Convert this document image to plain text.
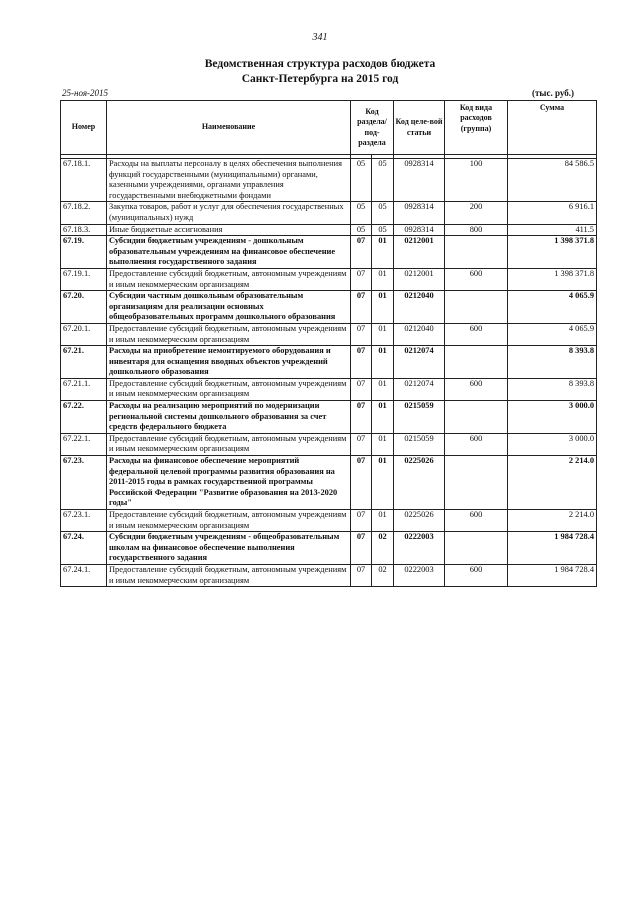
341
Ведомственная структура расходов бюджета
Санкт-Петербурга на 2015 год
25-ноя-2015	(тыс. руб.)
Номер	Наименование	Код раздела/ под-раздела		Код целе-вой статьи	Код вида расходов (группа)	Сумма

67.18.1.	Расходы на выплаты персоналу в целях обеспечения выполнения функций государственными (муниципальными) органами, казенными учреждениями, органами управления государственными внебюджетными фондами	05	05	0928314	100	84 586.5
67.18.2.	Закупка товаров, работ и услуг для обеспечения государственных (муниципальных) нужд	05	05	0928314	200	6 916.1
67.18.3.	Иные бюджетные ассигнования	05	05	0928314	800	411.5
67.19.	Субсидии бюджетным учреждениям - дошкольным образовательным учреждениям на финансовое обеспечение выполнения государственного задания	07	01	0212001		1 398 371.8
67.19.1.	Предоставление субсидий бюджетным, автономным учреждениям и иным некоммерческим организациям	07	01	0212001	600	1 398 371.8
67.20.	Субсидии частным дошкольным образовательным организациям для реализации основных общеобразовательных программ дошкольного образования	07	01	0212040		4 065.9
67.20.1.	Предоставление субсидий бюджетным, автономным учреждениям и иным некоммерческим организациям	07	01	0212040	600	4 065.9
67.21.	Расходы на приобретение немонтируемого оборудования и инвентаря для оснащения вводных объектов учреждений дошкольного образования	07	01	0212074		8 393.8
67.21.1.	Предоставление субсидий бюджетным, автономным учреждениям и иным некоммерческим организациям	07	01	0212074	600	8 393.8
67.22.	Расходы на реализацию мероприятий по модернизации региональной системы дошкольного образования за счет средств федерального бюджета	07	01	0215059		3 000.0
67.22.1.	Предоставление субсидий бюджетным, автономным учреждениям и иным некоммерческим организациям	07	01	0215059	600	3 000.0
67.23.	Расходы на финансовое обеспечение мероприятий федеральной целевой программы развития образования на 2011-2015 годы в рамках государственной программы Российской Федерации "Развитие образования на 2013-2020 годы"	07	01	0225026		2 214.0
67.23.1.	Предоставление субсидий бюджетным, автономным учреждениям и иным некоммерческим организациям	07	01	0225026	600	2 214.0
67.24.	Субсидии бюджетным учреждениям - общеобразовательным школам на финансовое обеспечение выполнения государственного задания	07	02	0222003		1 984 728.4
67.24.1.	Предоставление субсидий бюджетным, автономным учреждениям и иным некоммерческим организациям	07	02	0222003	600	1 984 728.4
